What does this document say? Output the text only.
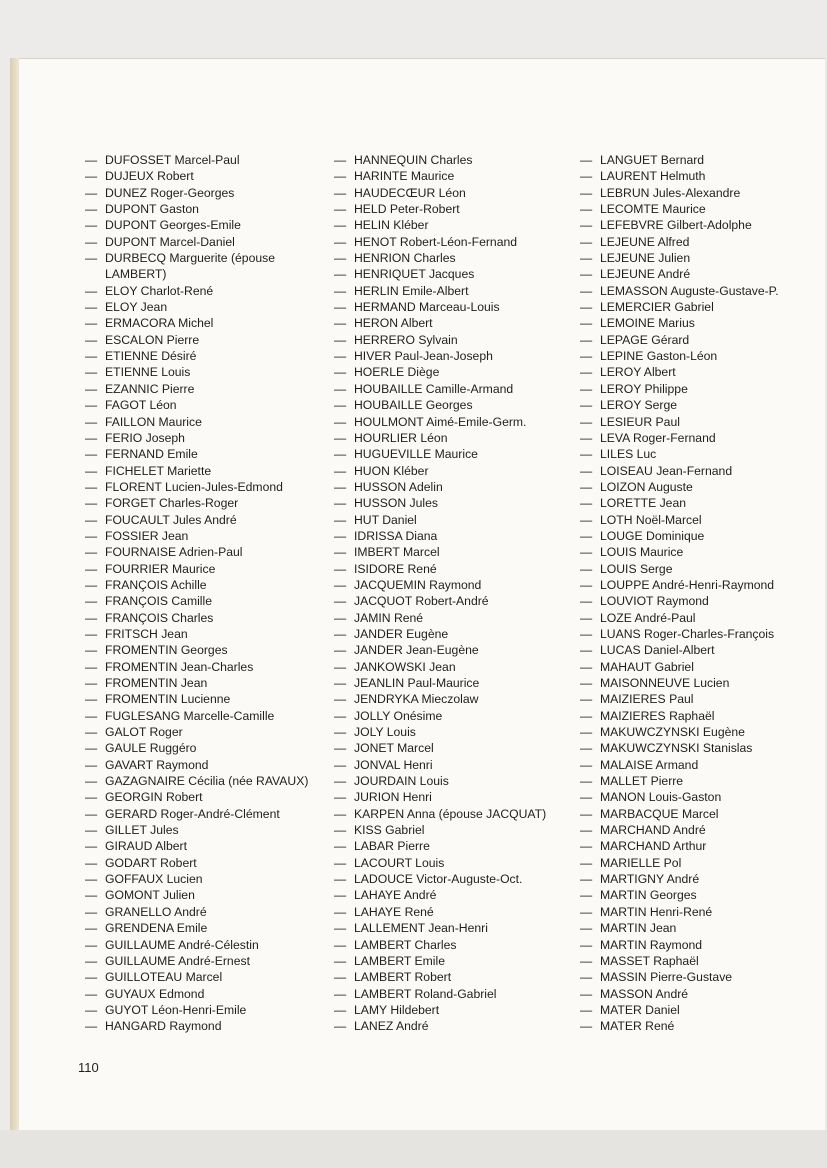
— DUFOSSET Marcel-Paul
— DUJEUX Robert
— DUNEZ Roger-Georges
— DUPONT Gaston
— DUPONT Georges-Emile
— DUPONT Marcel-Daniel
— DURBECQ Marguerite (épouse LAMBERT)
— ELOY Charlot-René
— ELOY Jean
— ERMACORA Michel
— ESCALON Pierre
— ETIENNE Désiré
— ETIENNE Louis
— EZANNIC Pierre
— FAGOT Léon
— FAILLON Maurice
— FERIO Joseph
— FERNAND Emile
— FICHELET Mariette
— FLORENT Lucien-Jules-Edmond
— FORGET Charles-Roger
— FOUCAULT Jules André
— FOSSIER Jean
— FOURNAISE Adrien-Paul
— FOURRIER Maurice
— FRANÇOIS Achille
— FRANÇOIS Camille
— FRANÇOIS Charles
— FRITSCH Jean
— FROMENTIN Georges
— FROMENTIN Jean-Charles
— FROMENTIN Jean
— FROMENTIN Lucienne
— FUGLESANG Marcelle-Camille
— GALOT Roger
— GAULE Ruggéro
— GAVART Raymond
— GAZAGNAIRE Cécilia (née RAVAUX)
— GEORGIN Robert
— GERARD Roger-André-Clément
— GILLET Jules
— GIRAUD Albert
— GODART Robert
— GOFFAUX Lucien
— GOMONT Julien
— GRANELLO André
— GRENDENA Emile
— GUILLAUME André-Célestin
— GUILLAUME André-Ernest
— GUILLOTEAU Marcel
— GUYAUX Edmond
— GUYOT Léon-Henri-Emile
— HANGARD Raymond
— HANNEQUIN Charles
— HARINTE Maurice
— HAUDECŒUR Léon
— HELD Peter-Robert
— HELIN Kléber
— HENOT Robert-Léon-Fernand
— HENRION Charles
— HENRIQUET Jacques
— HERLIN Emile-Albert
— HERMAND Marceau-Louis
— HERON Albert
— HERRERO Sylvain
— HIVER Paul-Jean-Joseph
— HOERLE Diège
— HOUBAILLE Camille-Armand
— HOUBAILLE Georges
— HOULMONT Aimé-Emile-Germ.
— HOURLIER Léon
— HUGUEVILLE Maurice
— HUON Kléber
— HUSSON Adelin
— HUSSON Jules
— HUT Daniel
— IDRISSA Diana
— IMBERT Marcel
— ISIDORE René
— JACQUEMIN Raymond
— JACQUOT Robert-André
— JAMIN René
— JANDER Eugène
— JANDER Jean-Eugène
— JANKOWSKI Jean
— JEANLIN Paul-Maurice
— JENDRYKA Mieczolaw
— JOLLY Onésime
— JOLY Louis
— JONET Marcel
— JONVAL Henri
— JOURDAIN Louis
— JURION Henri
— KARPEN Anna (épouse JACQUAT)
— KISS Gabriel
— LABAR Pierre
— LACOURT Louis
— LADOUCE Victor-Auguste-Oct.
— LAHAYE André
— LAHAYE René
— LALLEMENT Jean-Henri
— LAMBERT Charles
— LAMBERT Emile
— LAMBERT Robert
— LAMBERT Roland-Gabriel
— LAMY Hildebert
— LANEZ André
— LANGUET Bernard
— LAURENT Helmuth
— LEBRUN Jules-Alexandre
— LECOMTE Maurice
— LEFEBVRE Gilbert-Adolphe
— LEJEUNE Alfred
— LEJEUNE Julien
— LEJEUNE André
— LEMASSON Auguste-Gustave-P.
— LEMERCIER Gabriel
— LEMOINE Marius
— LEPAGE Gérard
— LEPINE Gaston-Léon
— LEROY Albert
— LEROY Philippe
— LEROY Serge
— LESIEUR Paul
— LEVA Roger-Fernand
— LILES Luc
— LOISEAU Jean-Fernand
— LOIZON Auguste
— LORETTE Jean
— LOTH Noël-Marcel
— LOUGE Dominique
— LOUIS Maurice
— LOUIS Serge
— LOUPPE André-Henri-Raymond
— LOUVIOT Raymond
— LOZE André-Paul
— LUANS Roger-Charles-François
— LUCAS Daniel-Albert
— MAHAUT Gabriel
— MAISONNEUVE Lucien
— MAIZIERES Paul
— MAIZIERES Raphaël
— MAKUWCZYNSKI Eugène
— MAKUWCZYNSKI Stanislas
— MALAISE Armand
— MALLET Pierre
— MANON Louis-Gaston
— MARBACQUE Marcel
— MARCHAND André
— MARCHAND Arthur
— MARIELLE Pol
— MARTIGNY André
— MARTIN Georges
— MARTIN Henri-René
— MARTIN Jean
— MARTIN Raymond
— MASSET Raphaël
— MASSIN Pierre-Gustave
— MASSON André
— MATER Daniel
— MATER René
110
